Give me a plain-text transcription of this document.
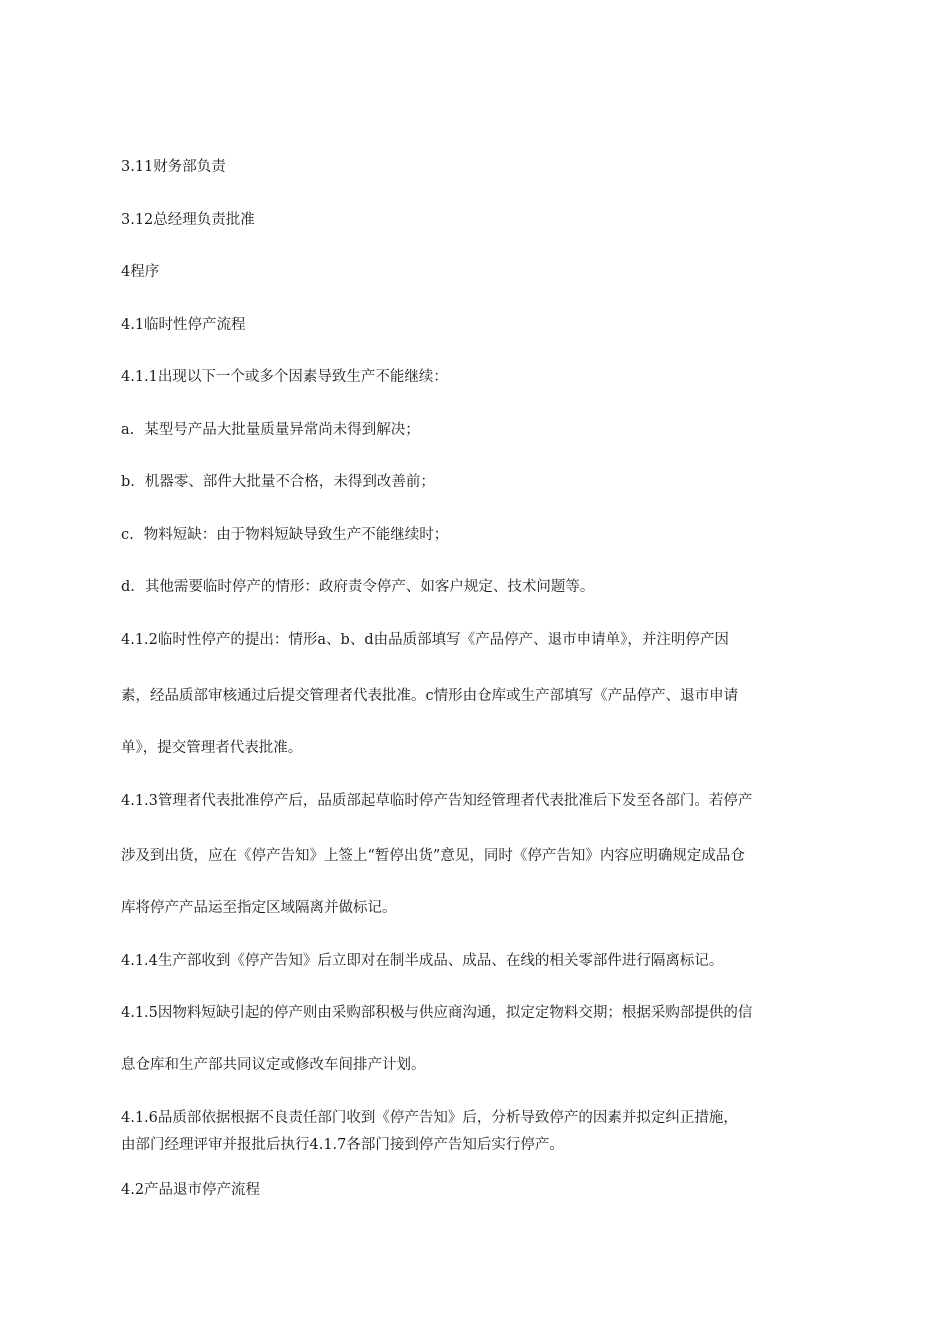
3.11财务部负责
3.12总经理负责批准
4程序
4.1临时性停产流程
4.1.1出现以下一个或多个因素导致生产不能继续：
a. 某型号产品大批量质量异常尚未得到解决；
b. 机器零、部件大批量不合格，未得到改善前；
c. 物料短缺：由于物料短缺导致生产不能继续时；
d. 其他需要临时停产的情形：政府责令停产、如客户规定、技术问题等。
4.1.2临时性停产的提出：情形a、b、d由品质部填写《产品停产、退市申请单》，并注明停产因
素，经品质部审核通过后提交管理者代表批准。c情形由仓库或生产部填写《产品停产、退市申请
单》，提交管理者代表批准。
4.1.3管理者代表批准停产后，品质部起草临时停产告知经管理者代表批准后下发至各部门。若停产
涉及到出货，应在《停产告知》上签上“暂停出货”意见，同时《停产告知》内容应明确规定成品仓
库将停产产品运至指定区域隔离并做标记。
4.1.4生产部收到《停产告知》后立即对在制半成品、成品、在线的相关零部件进行隔离标记。
4.1.5因物料短缺引起的停产则由采购部积极与供应商沟通，拟定定物料交期；根据采购部提供的信
息仓库和生产部共同议定或修改车间排产计划。
4.1.6品质部依据根据不良责任部门收到《停产告知》后，分析导致停产的因素并拟定纠正措施，
由部门经理评审并报批后执行4.1.7各部门接到停产告知后实行停产。
4.2产品退市停产流程
